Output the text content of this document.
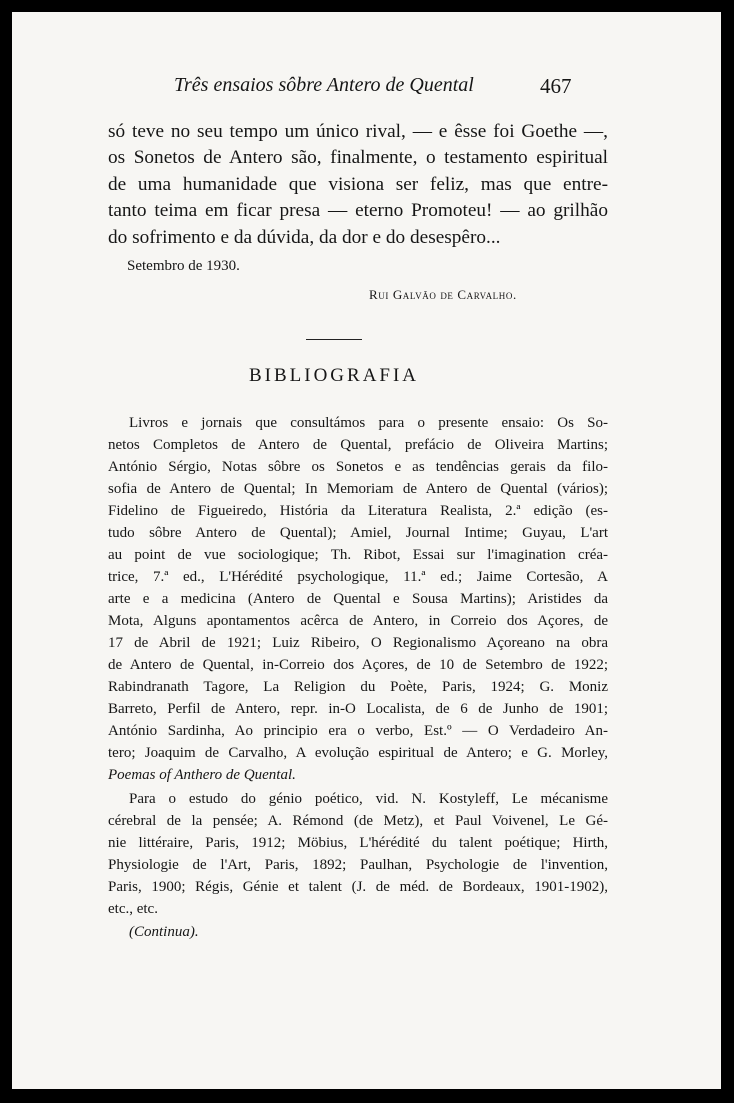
Três ensaios sôbre Antero de Quental	467
só teve no seu tempo um único rival, — e êsse foi Goethe —,
os Sonetos de Antero são, finalmente, o testamento espiritual
de uma humanidade que visiona ser feliz, mas que entre-
tanto teima em ficar presa — eterno Promoteu! — ao grilhão
do sofrimento e da dúvida, da dor e do desespêro...
Setembro de 1930.
Rui Galvão de Carvalho.
BIBLIOGRAFIA
Livros e jornais que consultámos para o presente ensaio: Os So-
netos Completos de Antero de Quental, prefácio de Oliveira Martins;
António Sérgio, Notas sôbre os Sonetos e as tendências gerais da filo-
sofia de Antero de Quental; In Memoriam de Antero de Quental (vários);
Fidelino de Figueiredo, História da Literatura Realista, 2.ª edição (es-
tudo sôbre Antero de Quental); Amiel, Journal Intime; Guyau, L'art
au point de vue sociologique; Th. Ribot, Essai sur l'imagination créa-
trice, 7.ª ed., L'Hérédité psychologique, 11.ª ed.; Jaime Cortesão, A
arte e a medicina (Antero de Quental e Sousa Martins); Aristides da
Mota, Alguns apontamentos acêrca de Antero, in Correio dos Açores, de
17 de Abril de 1921; Luiz Ribeiro, O Regionalismo Açoreano na obra
de Antero de Quental, in-Correio dos Açores, de 10 de Setembro de 1922;
Rabindranath Tagore, La Religion du Poète, Paris, 1924; G. Moniz
Barreto, Perfil de Antero, repr. in-O Localista, de 6 de Junho de 1901;
António Sardinha, Ao principio era o verbo, Est.º — O Verdadeiro An-
tero; Joaquim de Carvalho, A evolução espiritual de Antero; e G. Morley,
Poemas of Anthero de Quental.
Para o estudo do génio poético, vid. N. Kostyleff, Le mécanisme
cérebral de la pensée; A. Rémond (de Metz), et Paul Voivenel, Le Gé-
nie littéraire, Paris, 1912; Möbius, L'hérédité du talent poétique; Hirth,
Physiologie de l'Art, Paris, 1892; Paulhan, Psychologie de l'invention,
Paris, 1900; Régis, Génie et talent (J. de méd. de Bordeaux, 1901-1902),
etc., etc.
(Continua).
